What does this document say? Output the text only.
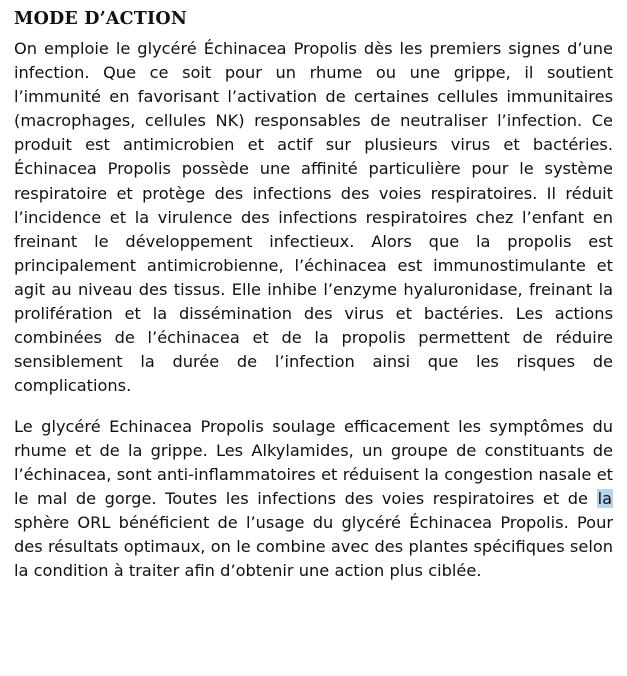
MODE D’ACTION

On emploie le glycéré Échinacea Propolis dès les premiers signes d’une infection. Que ce soit pour un rhume ou une grippe, il soutient l’immunité en favorisant l’activation de certaines cellules immunitaires (macrophages, cellules NK) responsables de neutraliser l’infection. Ce produit est antimicrobien et actif sur plusieurs virus et bactéries. Échinacea Propolis possède une affinité particulière pour le système respiratoire et protège des infections des voies respiratoires. Il réduit l’incidence et la virulence des infections respiratoires chez l’enfant en freinant le développement infectieux. Alors que la propolis est principalement antimicrobienne, l’échinacea est immunostimulante et agit au niveau des tissus. Elle inhibe l’enzyme hyaluronidase, freinant la prolifération et la dissémination des virus et bactéries. Les actions combinées de l’échinacea et de la propolis permettent de réduire sensiblement la durée de l’infection ainsi que les risques de complications.

Le glycéré Echinacea Propolis soulage efficacement les symptômes du rhume et de la grippe. Les Alkylamides, un groupe de constituants de l’échinacea, sont anti-inflammatoires et réduisent la congestion nasale et le mal de gorge. Toutes les infections des voies respiratoires et de la sphère ORL bénéficient de l’usage du glycéré Échinacea Propolis. Pour des résultats optimaux, on le combine avec des plantes spécifiques selon la condition à traiter afin d’obtenir une action plus ciblée.
